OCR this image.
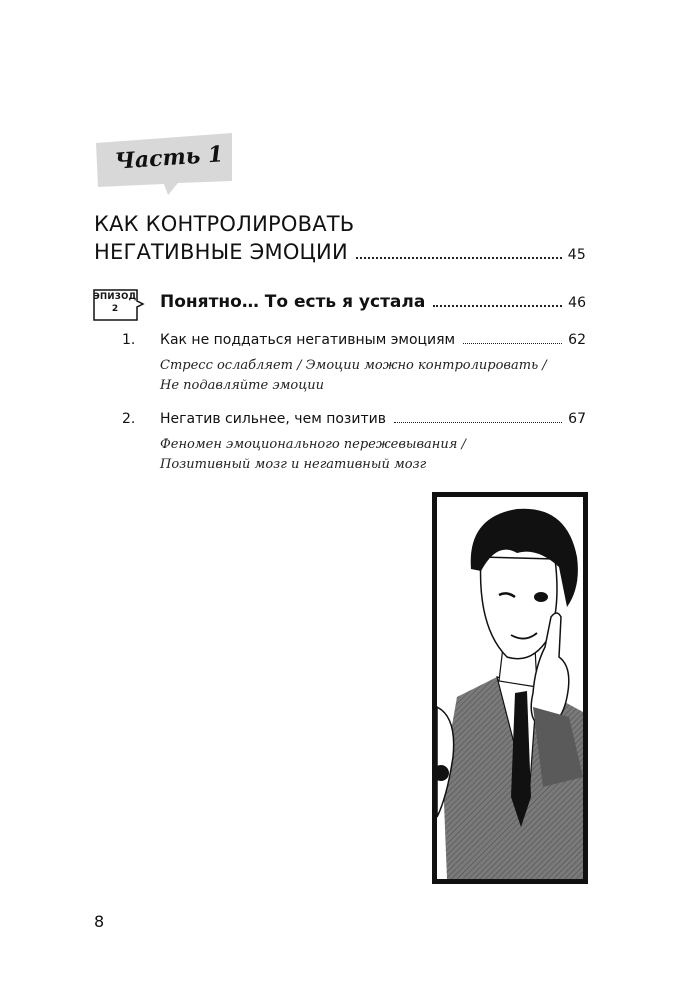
Часть 1
КАК КОНТРОЛИРОВАТЬ
НЕГАТИВНЫЕ ЭМОЦИИ	45
ЭПИЗОД
2	Понятно… То есть я устала	46
1. Как не поддаться негативным эмоциям	62
Стресс ослабляет / Эмоции можно контролировать /
Не подавляйте эмоции
2. Негатив сильнее, чем позитив	67
Феномен эмоционального пережевывания /
Позитивный мозг и негативный мозг
8
